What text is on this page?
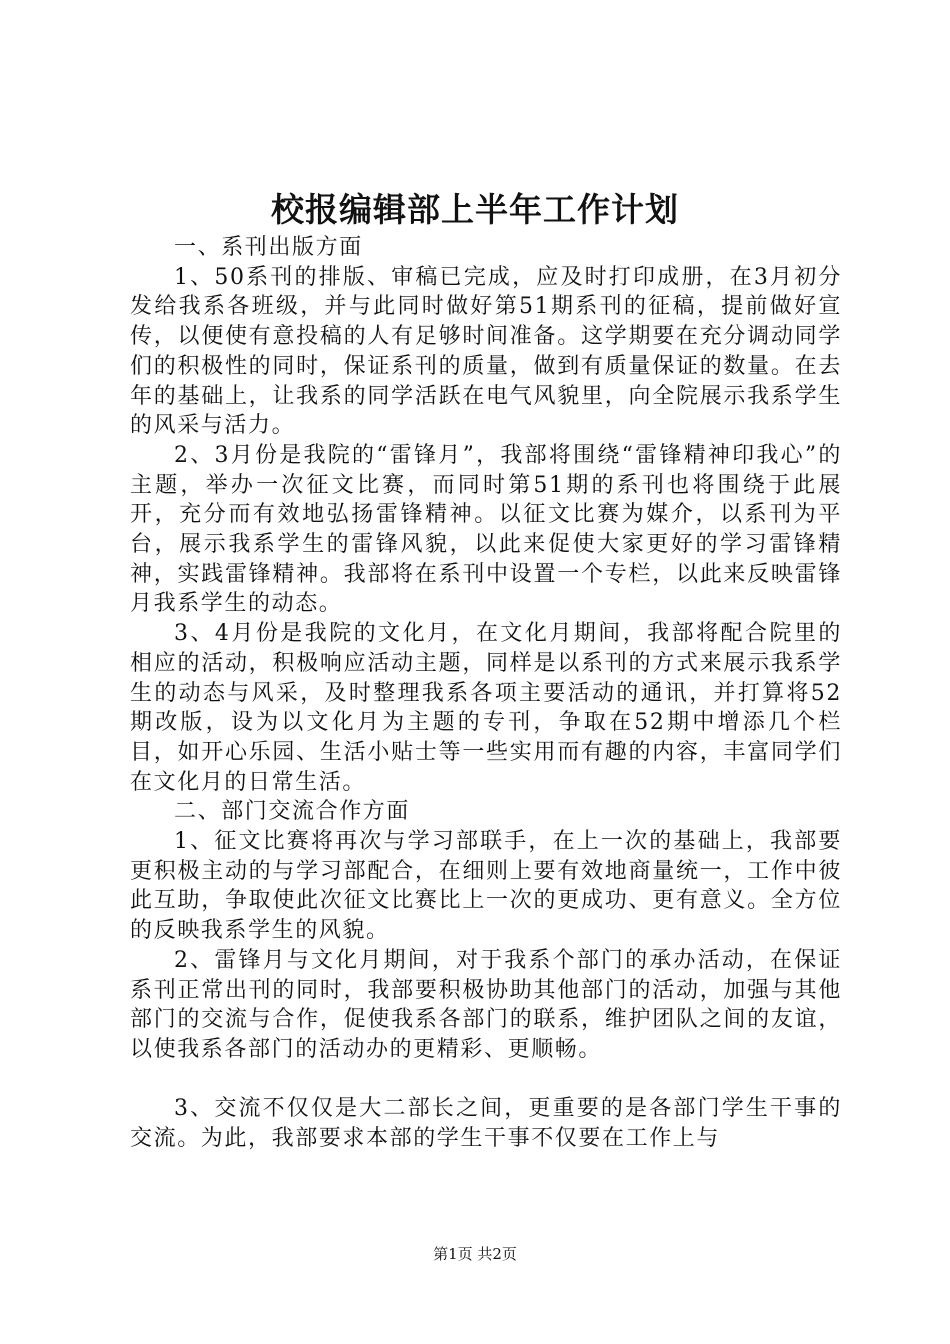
校报编辑部上半年工作计划

一、系刊出版方面

1、50系刊的排版、审稿已完成，应及时打印成册，在3月初分发给我系各班级，并与此同时做好第51期系刊的征稿，提前做好宣传，以便使有意投稿的人有足够时间准备。这学期要在充分调动同学们的积极性的同时，保证系刊的质量，做到有质量保证的数量。在去年的基础上，让我系的同学活跃在电气风貌里，向全院展示我系学生的风采与活力。

2、3月份是我院的“雷锋月”，我部将围绕“雷锋精神印我心”的主题，举办一次征文比赛，而同时第51期的系刊也将围绕于此展开，充分而有效地弘扬雷锋精神。以征文比赛为媒介，以系刊为平台，展示我系学生的雷锋风貌，以此来促使大家更好的学习雷锋精神，实践雷锋精神。我部将在系刊中设置一个专栏，以此来反映雷锋月我系学生的动态。

3、4月份是我院的文化月，在文化月期间，我部将配合院里的相应的活动，积极响应活动主题，同样是以系刊的方式来展示我系学生的动态与风采，及时整理我系各项主要活动的通讯，并打算将52期改版，设为以文化月为主题的专刊，争取在52期中增添几个栏目，如开心乐园、生活小贴士等一些实用而有趣的内容，丰富同学们在文化月的日常生活。

二、部门交流合作方面

1、征文比赛将再次与学习部联手，在上一次的基础上，我部要更积极主动的与学习部配合，在细则上要有效地商量统一，工作中彼此互助，争取使此次征文比赛比上一次的更成功、更有意义。全方位的反映我系学生的风貌。

2、雷锋月与文化月期间，对于我系个部门的承办活动，在保证系刊正常出刊的同时，我部要积极协助其他部门的活动，加强与其他部门的交流与合作，促使我系各部门的联系，维护团队之间的友谊，以使我系各部门的活动办的更精彩、更顺畅。

3、交流不仅仅是大二部长之间，更重要的是各部门学生干事的交流。为此，我部要求本部的学生干事不仅要在工作上与

第1页 共2页
